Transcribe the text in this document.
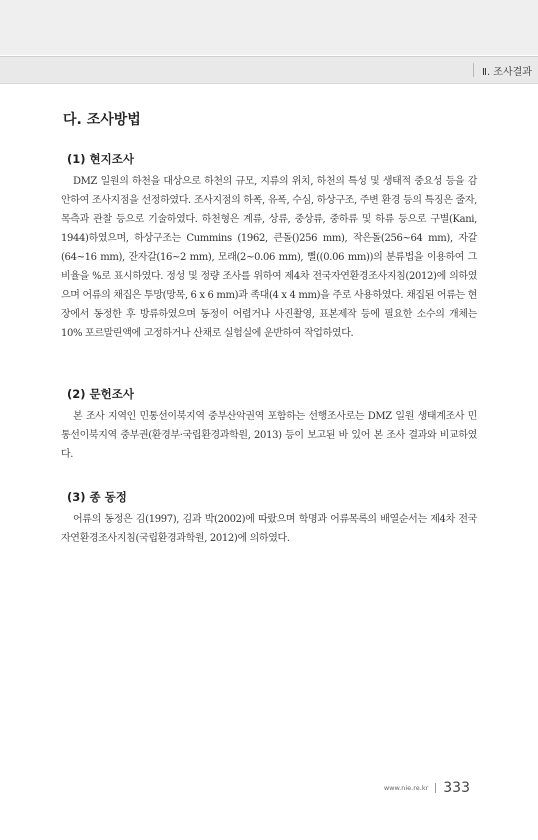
Ⅱ. 조사결과
다. 조사방법
(1) 현지조사

DMZ 일원의 하천을 대상으로 하천의 규모, 지류의 위치, 하천의 특성 및 생태적 중요성 등을 감안하여 조사지점을 선정하였다. 조사지점의 하폭, 유폭, 수심, 하상구조, 주변 환경 등의 특징은 줄자, 목측과 관찰 등으로 기술하였다. 하천형은 계류, 상류, 중상류, 중하류 및 하류 등으로 구별(Kani, 1944)하였으며, 하상구조는 Cummins (1962, 큰돌()256 mm), 작은돌(256~64 mm), 자갈(64~16 mm), 잔자갈(16~2 mm), 모래(2~0.06 mm), 뻘((0.06 mm))의 분류법을 이용하여 그 비율을 %로 표시하였다. 정성 및 정량 조사를 위하여 제4차 전국자연환경조사지침(2012)에 의하였으며 어류의 채집은 투망(망목, 6 x 6 mm)과 족대(4 x 4 mm)을 주로 사용하였다. 채집된 어류는 현장에서 동정한 후 방류하였으며 동정이 어렵거나 사진촬영, 표본제작 등에 필요한 소수의 개체는 10% 포르말린액에 고정하거나 산채로 실험실에 운반하여 작업하였다.

(2) 문헌조사

본 조사 지역인 민통선이북지역 중부산악권역 포함하는 선행조사로는 DMZ 일원 생태계조사 민통선이북지역 중부권(환경부·국립환경과학원, 2013) 등이 보고된 바 있어 본 조사 결과와 비교하였다.

(3) 종 동정

어류의 동정은 김(1997), 김과 박(2002)에 따랐으며 학명과 어류목록의 배열순서는 제4차 전국자연환경조사지침(국립환경과학원, 2012)에 의하였다.

www.nie.re.kr 333
